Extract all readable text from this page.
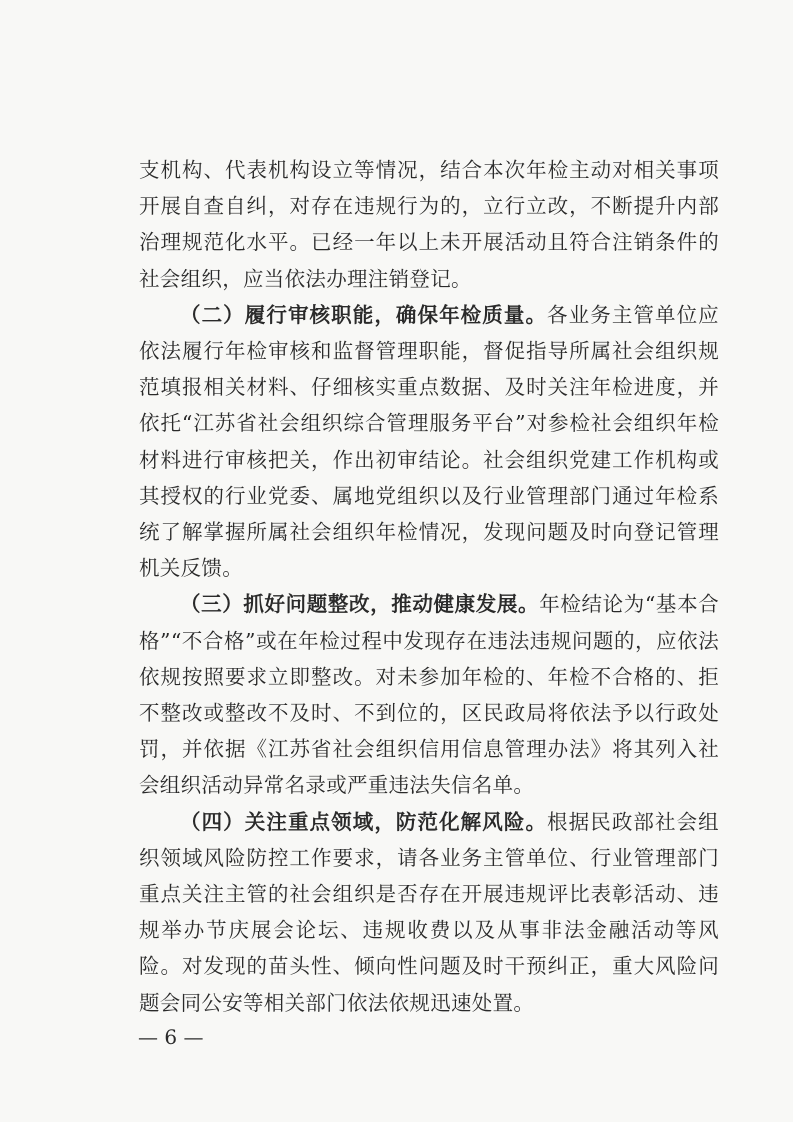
支机构、代表机构设立等情况，结合本次年检主动对相关事项开展自查自纠，对存在违规行为的，立行立改，不断提升内部治理规范化水平。已经一年以上未开展活动且符合注销条件的社会组织，应当依法办理注销登记。

（二）履行审核职能，确保年检质量。各业务主管单位应依法履行年检审核和监督管理职能，督促指导所属社会组织规范填报相关材料、仔细核实重点数据、及时关注年检进度，并依托“江苏省社会组织综合管理服务平台”对参检社会组织年检材料进行审核把关，作出初审结论。社会组织党建工作机构或其授权的行业党委、属地党组织以及行业管理部门通过年检系统了解掌握所属社会组织年检情况，发现问题及时向登记管理机关反馈。

（三）抓好问题整改，推动健康发展。年检结论为“基本合格”“不合格”或在年检过程中发现存在违法违规问题的，应依法依规按照要求立即整改。对未参加年检的、年检不合格的、拒不整改或整改不及时、不到位的，区民政局将依法予以行政处罚，并依据《江苏省社会组织信用信息管理办法》将其列入社会组织活动异常名录或严重违法失信名单。

（四）关注重点领域，防范化解风险。根据民政部社会组织领域风险防控工作要求，请各业务主管单位、行业管理部门重点关注主管的社会组织是否存在开展违规评比表彰活动、违规举办节庆展会论坛、违规收费以及从事非法金融活动等风险。对发现的苗头性、倾向性问题及时干预纠正，重大风险问题会同公安等相关部门依法依规迅速处置。

— 6 —
